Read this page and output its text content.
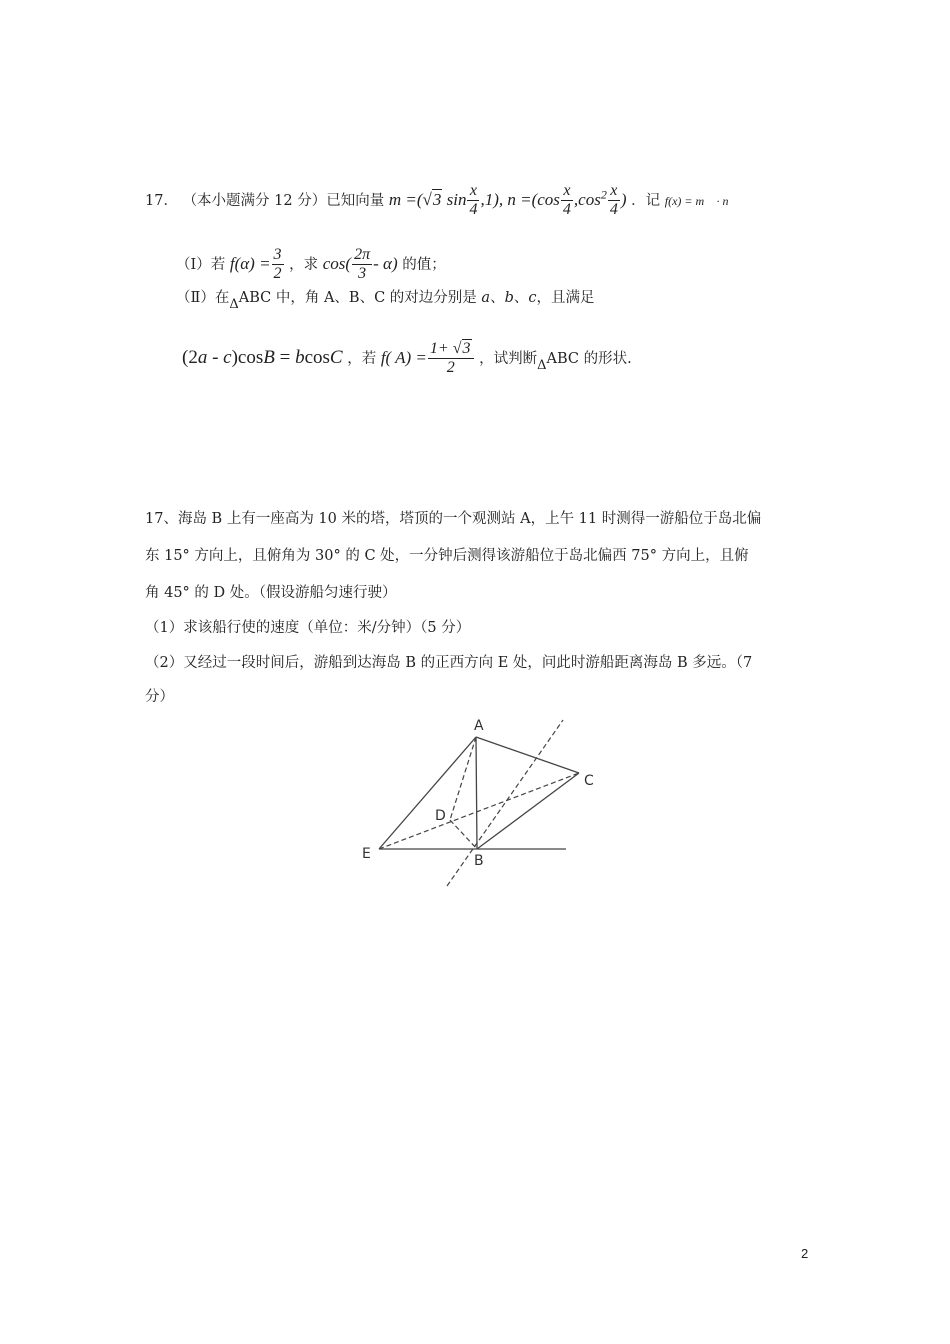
17． （本小题满分 12 分）已知向量 m =(√3 $\sin \frac{x}{4} ,1$), $n =(\cos \frac{x}{4} ,\cos^2 \frac{x}{4}$ ) ．记 f(x) = m⃗ · n⃗
（Ⅰ）若 $f(\alpha) = \frac{3}{2}$ ，求 $\cos( \frac{2\pi}{3} - \alpha)$ 的值；
（Ⅱ）在ΔABC 中，角 A、B、C 的对边分别是 a、b、c，且满足
(2a - c)cosB = bcosC ，若 f( $A) = \frac{1+ √3}{2}$ ，试判断ΔABC 的形状.
17、海岛 B 上有一座高为 10 米的塔，塔顶的一个观测站 A，上午 11 时测得一游船位于岛北偏
东 15° 方向上，且俯角为 30° 的 C 处，一分钟后测得该游船位于岛北偏西 75° 方向上，且俯
角 45° 的 D 处。（假设游船匀速行驶）
（1）求该船行使的速度（单位：米/分钟）（5 分）
（2）又经过一段时间后，游船到达海岛 B 的正西方向 E 处，问此时游船距离海岛 B 多远。（7
分）
A
B
C
D
E
2
